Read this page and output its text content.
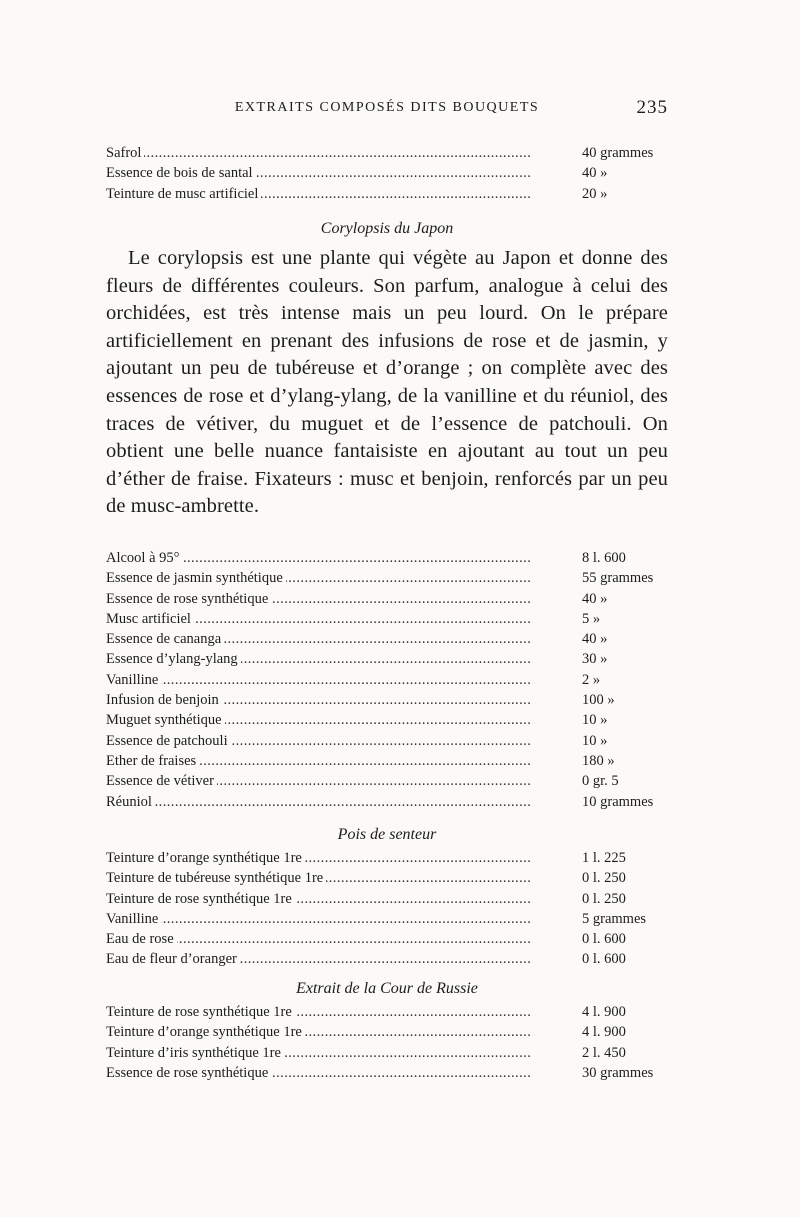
EXTRAITS COMPOSÉS DITS BOUQUETS	235
. . .
Safrol	40 grammes
. . .
Essence de bois de santal	40 »
. . .
Teinture de musc artificiel	20 »
Corylopsis du Japon
Le corylopsis est une plante qui végète au Japon et donne des fleurs de différentes couleurs. Son parfum, analogue à celui des orchidées, est très intense mais un peu lourd. On le prépare artificiellement en prenant des infusions de rose et de jasmin, y ajoutant un peu de tubéreuse et d’orange ; on complète avec des essences de rose et d’ylang-ylang, de la vanilline et du réuniol, des traces de vétiver, du muguet et de l’essence de patchouli. On obtient une belle nuance fantaisiste en ajoutant au tout un peu d’éther de fraise. Fixateurs : musc et benjoin, renforcés par un peu de musc-ambrette.
. . .
Alcool à 95°	8 l. 600
. . .
Essence de jasmin synthétique	55 grammes
. . .
Essence de rose synthétique	40 »
. . .
Musc artificiel	5 »
. . .
Essence de cananga	40 »
. . .
Essence d’ylang-ylang	30 »
. . .
Vanilline	2 »
. . .
Infusion de benjoin	100 »
. . .
Muguet synthétique	10 »
. . .
Essence de patchouli	10 »
. . .
Ether de fraises	180 »
. . .
Essence de vétiver	0 gr. 5
. . .
Réuniol	10 grammes
Pois de senteur
. . .
Teinture d’orange synthétique 1re	1 l. 225
. . .
Teinture de tubéreuse synthétique 1re	0 l. 250
. . .
Teinture de rose synthétique 1re	0 l. 250
. . .
Vanilline	5 grammes
. . .
Eau de rose	0 l. 600
. . .
Eau de fleur d’oranger	0 l. 600
Extrait de la Cour de Russie
. . .
Teinture de rose synthétique 1re	4 l. 900
. . .
Teinture d’orange synthétique 1re	4 l. 900
. . .
Teinture d’iris synthétique 1re	2 l. 450
. . .
Essence de rose synthétique	30 grammes
